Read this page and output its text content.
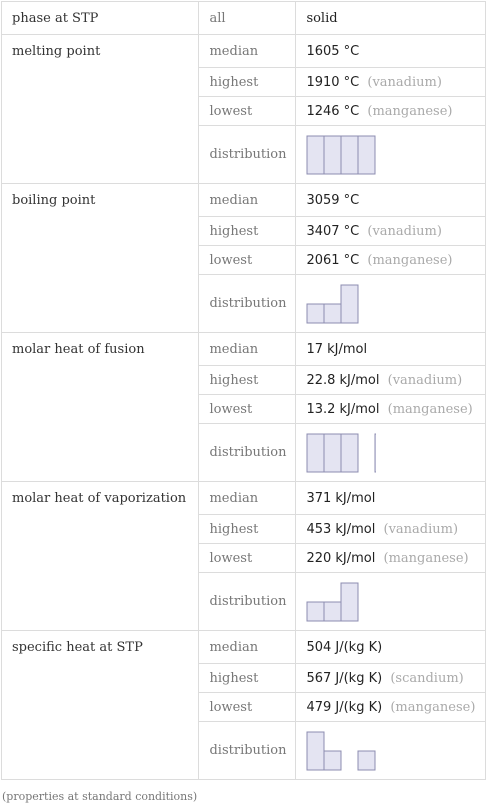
phase at STP	all	solid
melting point	median	1605 °C
	highest	1910 °C (vanadium)
	lowest	1246 °C (manganese)
	distribution	

boiling point	median	3059 °C
	highest	3407 °C (vanadium)
	lowest	2061 °C (manganese)
	distribution	

molar heat of fusion	median	17 kJ/mol
	highest	22.8 kJ/mol (vanadium)
	lowest	13.2 kJ/mol (manganese)
	distribution	

molar heat of vaporization	median	371 kJ/mol
	highest	453 kJ/mol (vanadium)
	lowest	220 kJ/mol (manganese)
	distribution	

specific heat at STP	median	504 J/(kg K)
	highest	567 J/(kg K) (scandium)
	lowest	479 J/(kg K) (manganese)
	distribution	
(properties at standard conditions)
